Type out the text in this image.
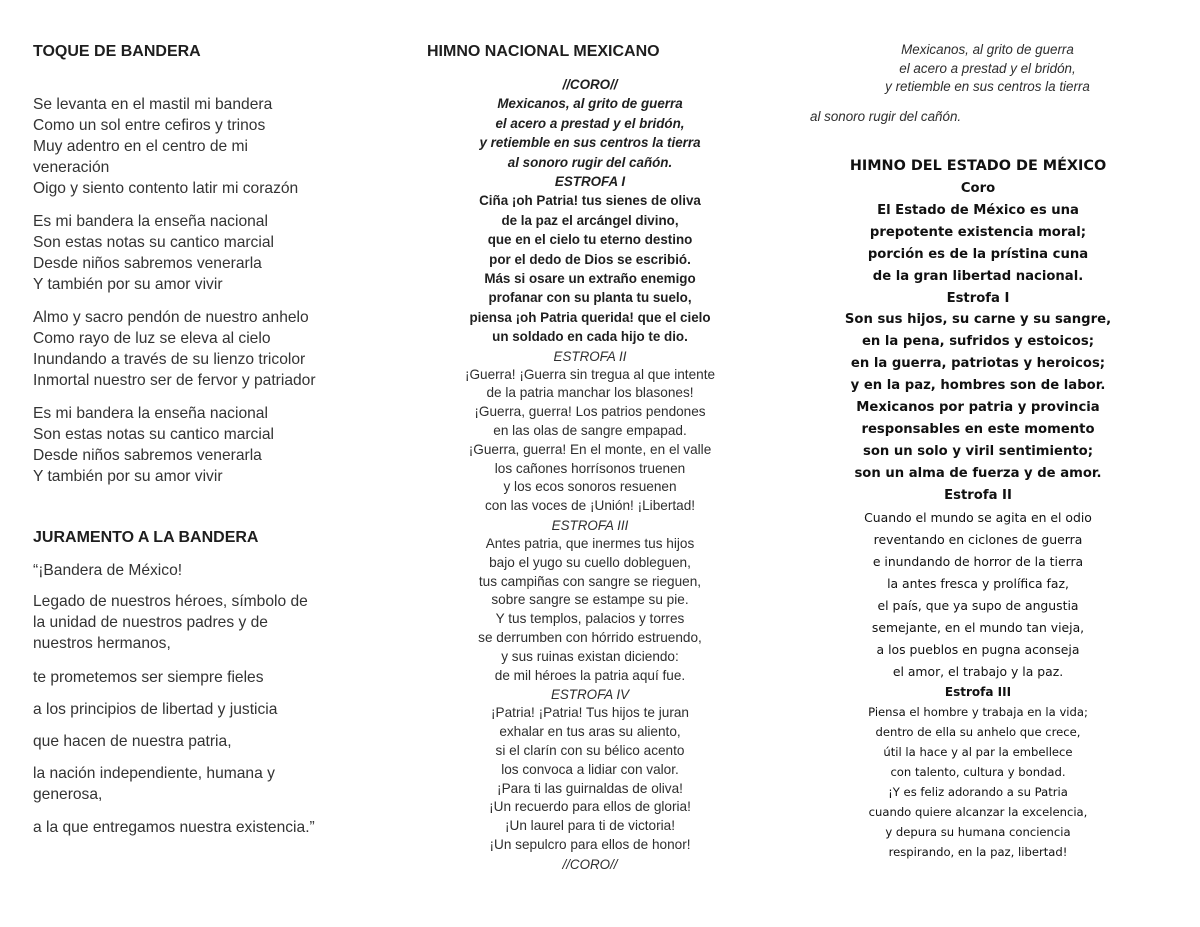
TOQUE DE BANDERA
Se levanta en el mastil mi bandera
Como un sol entre cefiros y trinos
Muy adentro en el centro de mi
veneración
Oigo y siento contento latir mi corazón
Es mi bandera la enseña nacional
Son estas notas su cantico marcial
Desde niños sabremos venerarla
Y también por su amor vivir
Almo y sacro pendón de nuestro anhelo
Como rayo de luz se eleva al cielo
Inundando a través de su lienzo tricolor
Inmortal nuestro ser de fervor y patriador
Es mi bandera la enseña nacional
Son estas notas su cantico marcial
Desde niños sabremos venerarla
Y también por su amor vivir
JURAMENTO A LA BANDERA
“¡Bandera de México!
Legado de nuestros héroes, símbolo de
la unidad de nuestros padres y de
nuestros hermanos,
te prometemos ser siempre fieles
a los principios de libertad y justicia
que hacen de nuestra patria,
la nación independiente, humana y
generosa,
a la que entregamos nuestra existencia.”
HIMNO NACIONAL MEXICANO
//CORO//
Mexicanos, al grito de guerra
el acero a prestad y el bridón,
y retiemble en sus centros la tierra
al sonoro rugir del cañón.
ESTROFA I
Ciña ¡oh Patria! tus sienes de oliva
de la paz el arcángel divino,
que en el cielo tu eterno destino
por el dedo de Dios se escribió.
Más si osare un extraño enemigo
profanar con su planta tu suelo,
piensa ¡oh Patria querida! que el cielo
un soldado en cada hijo te dio.
ESTROFA II
¡Guerra! ¡Guerra sin tregua al que intente
de la patria manchar los blasones!
¡Guerra, guerra! Los patrios pendones
en las olas de sangre empapad.
¡Guerra, guerra! En el monte, en el valle
los cañones horrísonos truenen
y los ecos sonoros resuenen
con las voces de ¡Unión! ¡Libertad!
ESTROFA III
Antes patria, que inermes tus hijos
bajo el yugo su cuello dobleguen,
tus campiñas con sangre se rieguen,
sobre sangre se estampe su pie.
Y tus templos, palacios y torres
se derrumben con hórrido estruendo,
y sus ruinas existan diciendo:
de mil héroes la patria aquí fue.
ESTROFA IV
¡Patria! ¡Patria! Tus hijos te juran
exhalar en tus aras su aliento,
si el clarín con su bélico acento
los convoca a lidiar con valor.
¡Para ti las guirnaldas de oliva!
¡Un recuerdo para ellos de gloria!
¡Un laurel para ti de victoria!
¡Un sepulcro para ellos de honor!
//CORO//
Mexicanos, al grito de guerra
el acero a prestad y el bridón,
y retiemble en sus centros la tierra
al sonoro rugir del cañón.
HIMNO DEL ESTADO DE MÉXICO
Coro
El Estado de México es una
prepotente existencia moral;
porción es de la prístina cuna
de la gran libertad nacional.
Estrofa I
Son sus hijos, su carne y su sangre,
en la pena, sufridos y estoicos;
en la guerra, patriotas y heroicos;
y en la paz, hombres son de labor.
Mexicanos por patria y provincia
responsables en este momento
son un solo y viril sentimiento;
son un alma de fuerza y de amor.
Estrofa II
Cuando el mundo se agita en el odio
reventando en ciclones de guerra
e inundando de horror de la tierra
la antes fresca y prolífica faz,
el país, que ya supo de angustia
semejante, en el mundo tan vieja,
a los pueblos en pugna aconseja
el amor, el trabajo y la paz.
Estrofa III
Piensa el hombre y trabaja en la vida;
dentro de ella su anhelo que crece,
útil la hace y al par la embellece
con talento, cultura y bondad.
¡Y es feliz adorando a su Patria
cuando quiere alcanzar la excelencia,
y depura su humana conciencia
respirando, en la paz, libertad!
